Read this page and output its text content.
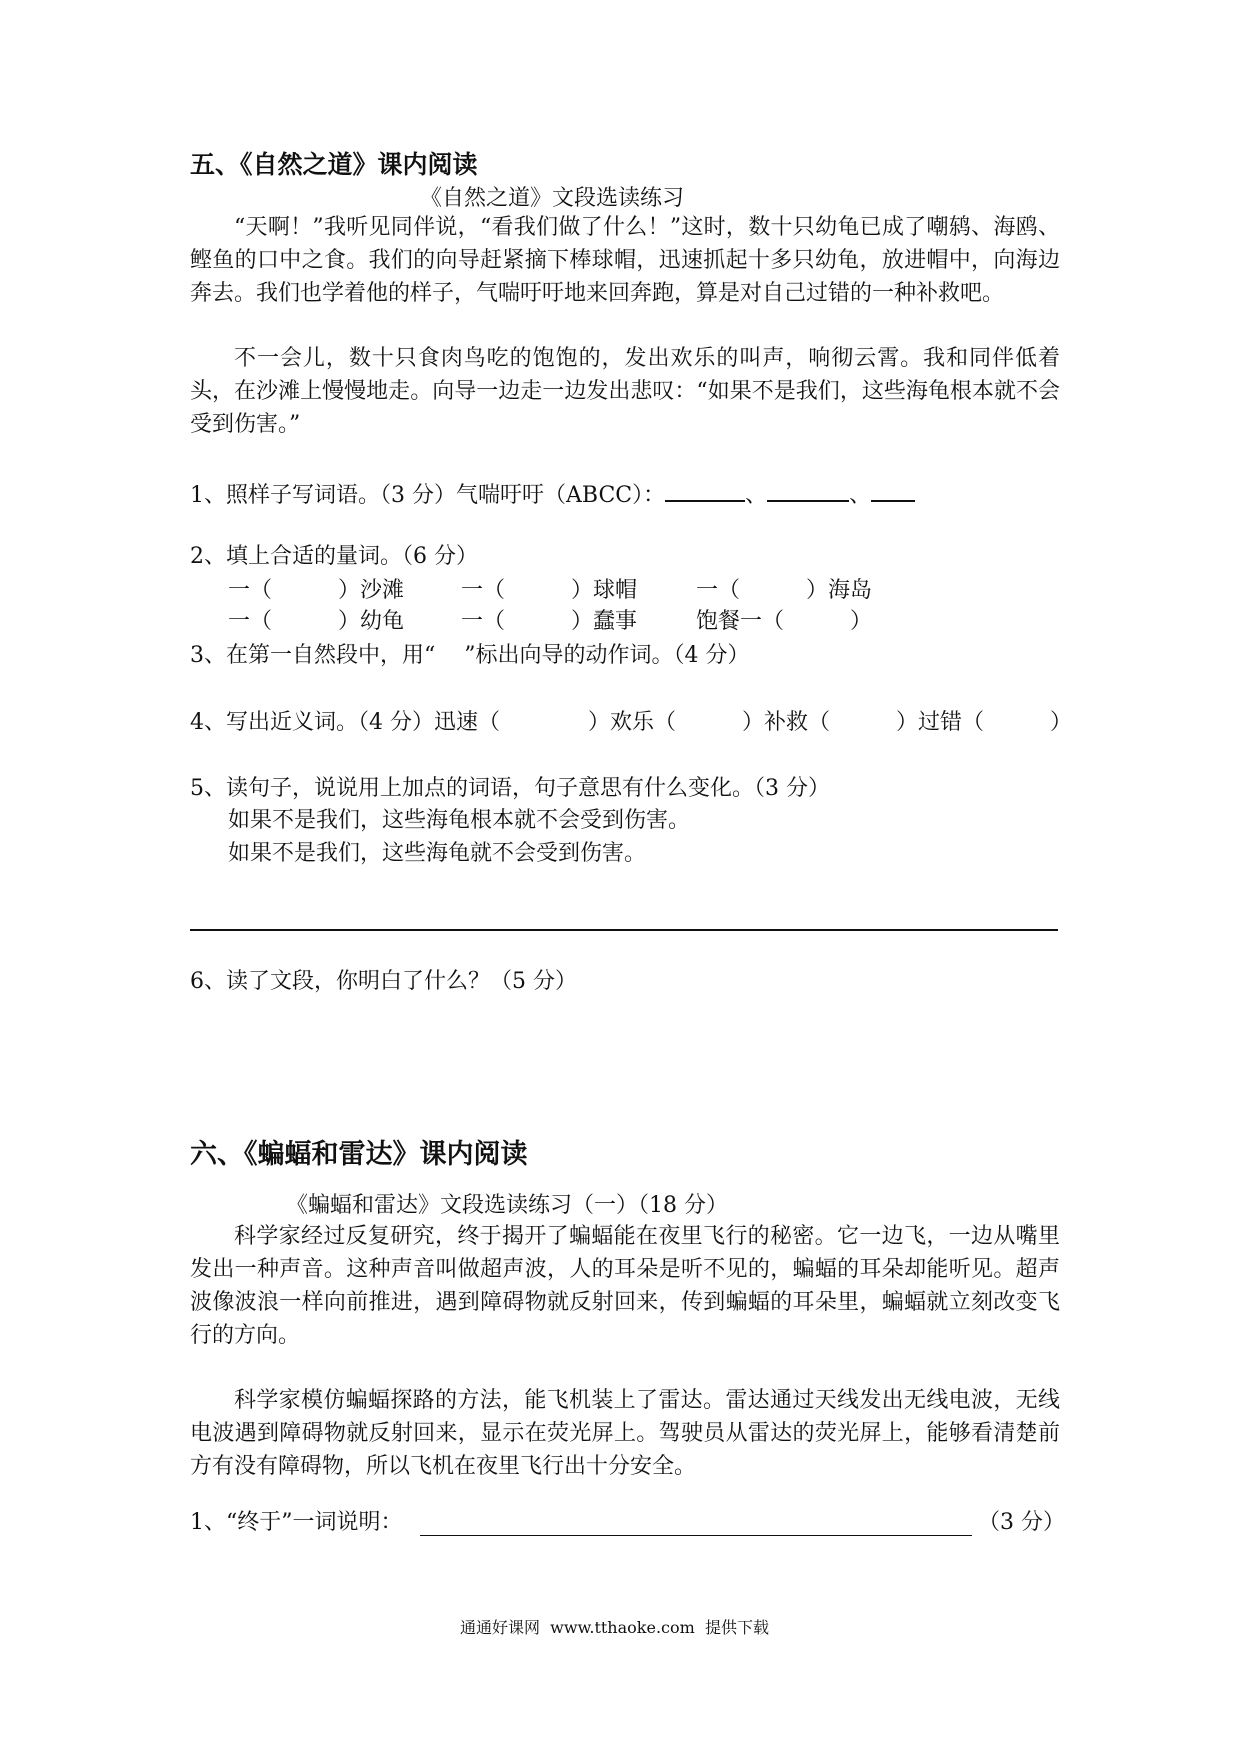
五、《自然之道》课内阅读
《自然之道》文段选读练习
“天啊！”我听见同伴说，“看我们做了什么！”这时，数十只幼龟已成了嘲鸫、海鸥、鲣鱼的口中之食。我们的向导赶紧摘下棒球帽，迅速抓起十多只幼龟，放进帽中，向海边奔去。我们也学着他的样子，气喘吁吁地来回奔跑，算是对自己过错的一种补救吧。
不一会儿，数十只食肉鸟吃的饱饱的，发出欢乐的叫声，响彻云霄。我和同伴低着头，在沙滩上慢慢地走。向导一边走一边发出悲叹：“如果不是我们，这些海龟根本就不会受到伤害。”
1、照样子写词语。（3 分）气喘吁吁（ABCC）：	、	、
2、填上合适的量词。（6 分）
一（　　　）沙滩	一（　　　）球帽	一（　　　）海岛
一（　　　）幼龟	一（　　　）蠢事	饱餐一（　　　）
3、在第一自然段中，用“　 ”标出向导的动作词。（4 分）
4、写出近义词。（4 分）迅速（　　　　）欢乐（　　　）补救（　　　）过错（　　　）
5、读句子，说说用上加点的词语，句子意思有什么变化。（3 分）
如果不是我们，这些海龟根本就不会受到伤害。
如果不是我们，这些海龟就不会受到伤害。
6、读了文段，你明白了什么？（5 分）
六、《蝙蝠和雷达》课内阅读
《蝙蝠和雷达》文段选读练习（一）（18 分）
科学家经过反复研究，终于揭开了蝙蝠能在夜里飞行的秘密。它一边飞，一边从嘴里发出一种声音。这种声音叫做超声波，人的耳朵是听不见的，蝙蝠的耳朵却能听见。超声波像波浪一样向前推进，遇到障碍物就反射回来，传到蝙蝠的耳朵里，蝙蝠就立刻改变飞行的方向。
科学家模仿蝙蝠探路的方法，能飞机装上了雷达。雷达通过天线发出无线电波，无线电波遇到障碍物就反射回来，显示在荧光屏上。驾驶员从雷达的荧光屏上，能够看清楚前方有没有障碍物，所以飞机在夜里飞行出十分安全。
1、“终于”一词说明：	（3 分）
通通好课网  www.tthaoke.com  提供下载
